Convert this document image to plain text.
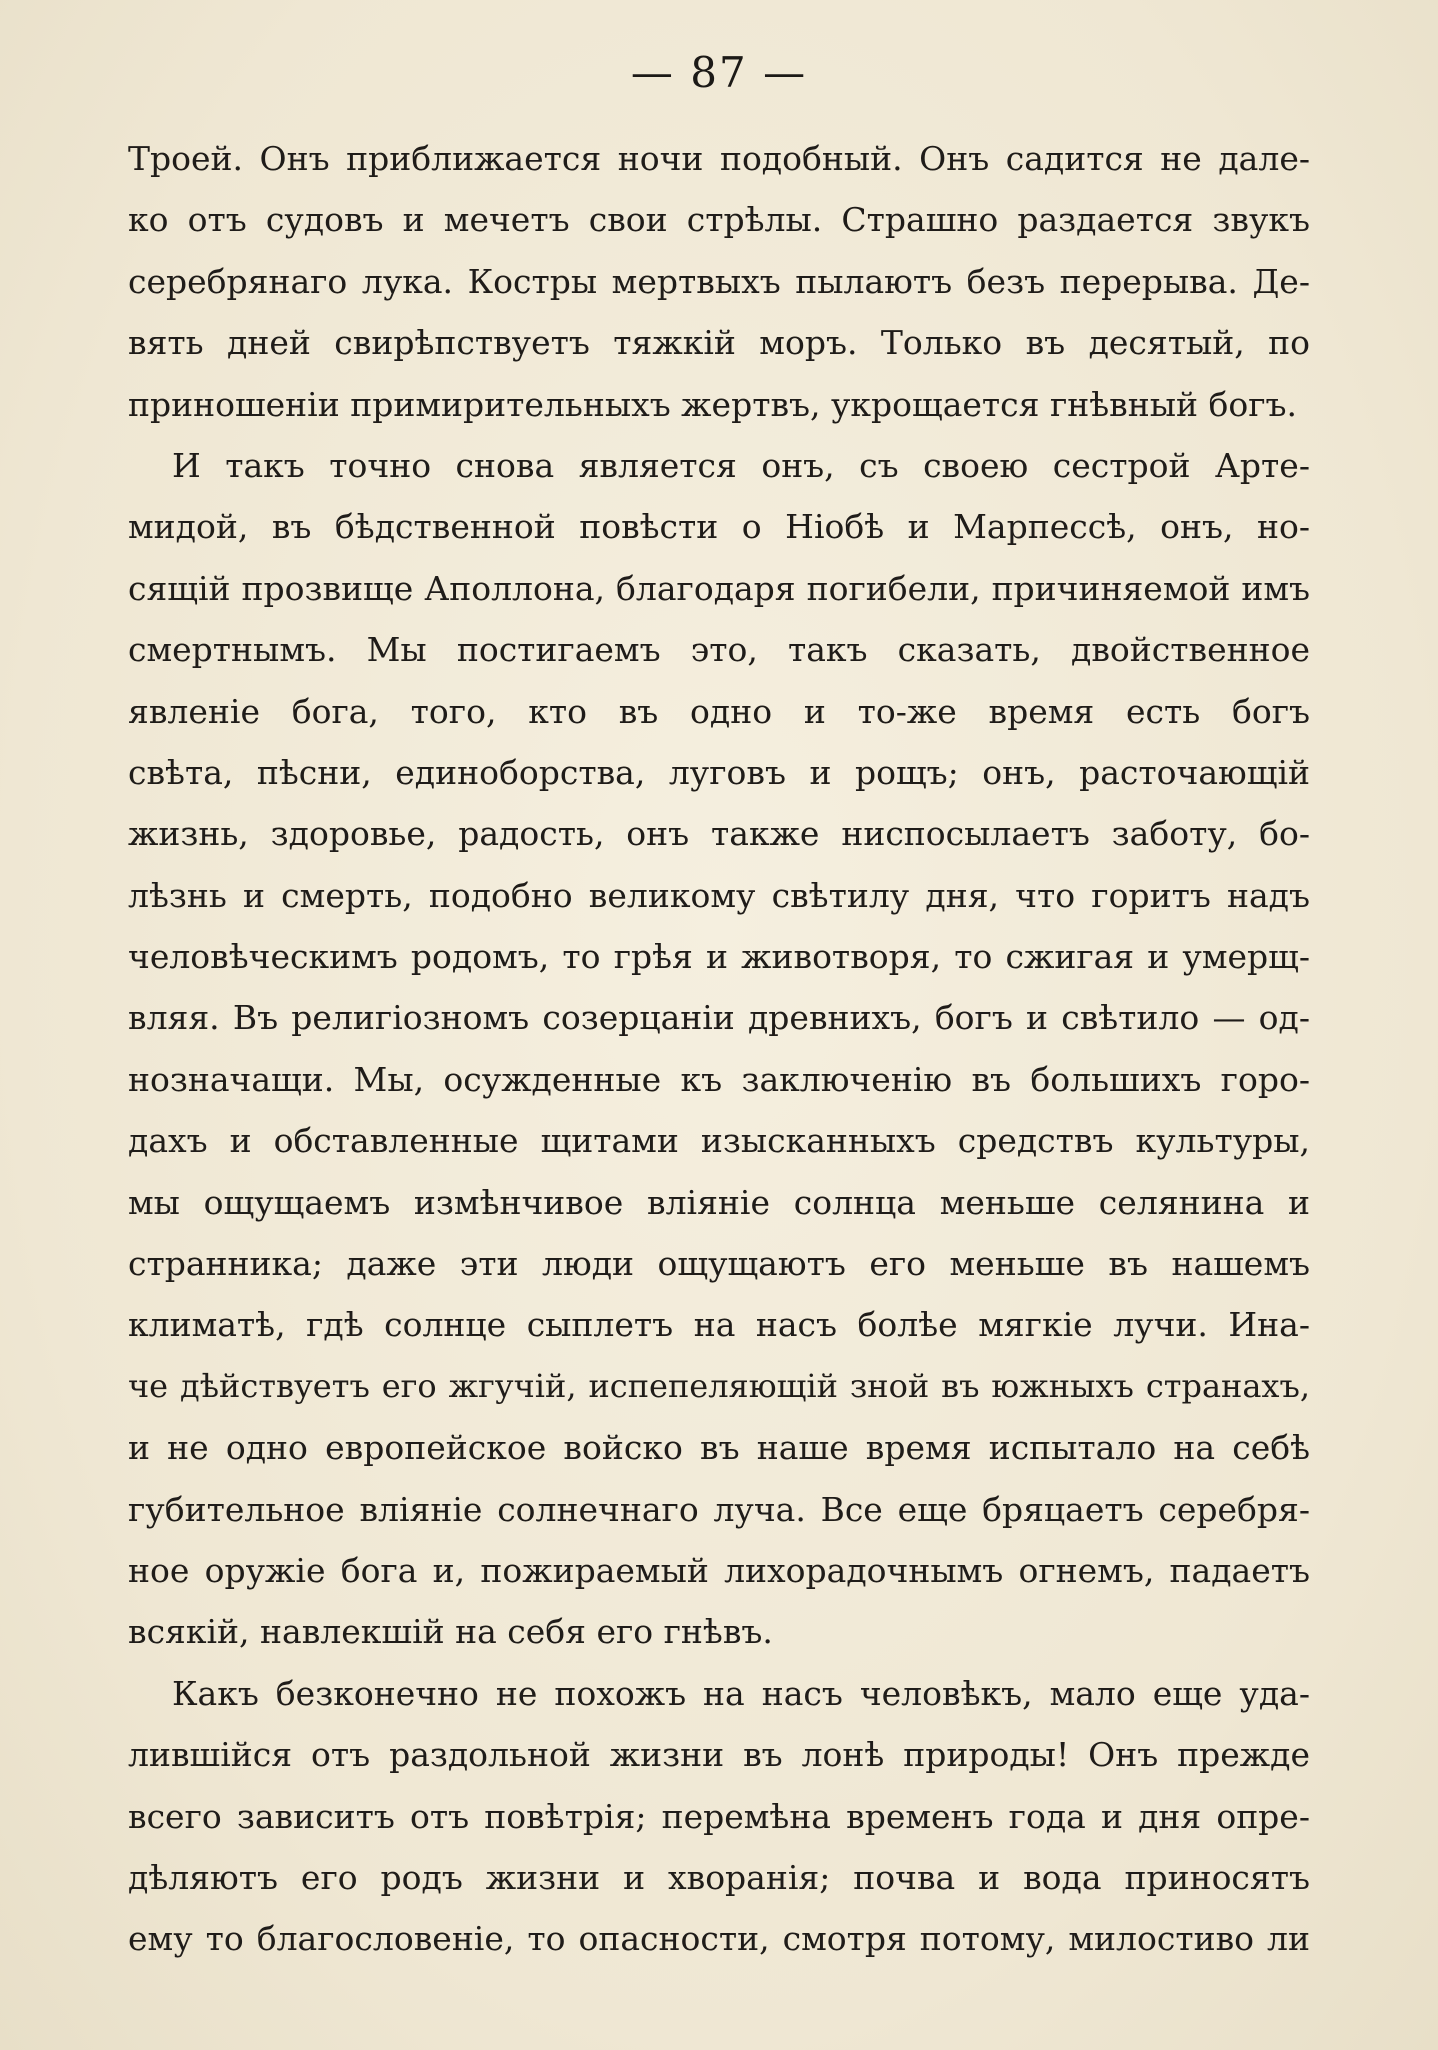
— 87 —
Троей. Онъ приближается ночи подобный. Онъ садится не дале-
ко отъ судовъ и мечетъ свои стрѣлы. Страшно раздается звукъ
серебрянаго лука. Костры мертвыхъ пылаютъ безъ перерыва. Де-
вять дней свирѣпствуетъ тяжкій моръ. Только въ десятый, по
приношеніи примирительныхъ жертвъ, укрощается гнѣвный богъ.
И такъ точно снова является онъ, съ своею сестрой Арте-
мидой, въ бѣдственной повѣсти о Ніобѣ и Марпессѣ, онъ, но-
сящій прозвище Аполлона, благодаря погибели, причиняемой имъ
смертнымъ. Мы постигаемъ это, такъ сказать, двойственное
явленіе бога, того, кто въ одно и то-же время есть богъ
свѣта, пѣсни, единоборства, луговъ и рощъ; онъ, расточающій
жизнь, здоровье, радость, онъ также ниспосылаетъ заботу, бо-
лѣзнь и смерть, подобно великому свѣтилу дня, что горитъ надъ
человѣческимъ родомъ, то грѣя и животворя, то сжигая и умерщ-
вляя. Въ религіозномъ созерцаніи древнихъ, богъ и свѣтило — од-
нозначащи. Мы, осужденные къ заключенію въ большихъ горо-
дахъ и обставленные щитами изысканныхъ средствъ культуры,
мы ощущаемъ измѣнчивое вліяніе солнца меньше селянина и
странника; даже эти люди ощущаютъ его меньше въ нашемъ
климатѣ, гдѣ солнце сыплетъ на насъ болѣе мягкіе лучи. Ина-
че дѣйствуетъ его жгучій, испепеляющій зной въ южныхъ странахъ,
и не одно европейское войско въ наше время испытало на себѣ
губительное вліяніе солнечнаго луча. Все еще бряцаетъ серебря-
ное оружіе бога и, пожираемый лихорадочнымъ огнемъ, падаетъ
всякій, навлекшій на себя его гнѣвъ.
Какъ безконечно не похожъ на насъ человѣкъ, мало еще уда-
лившійся отъ раздольной жизни въ лонѣ природы! Онъ прежде
всего зависитъ отъ повѣтрія; перемѣна временъ года и дня опре-
дѣляютъ его родъ жизни и хворанія; почва и вода приносятъ
ему то благословеніе, то опасности, смотря потому, милостиво ли
